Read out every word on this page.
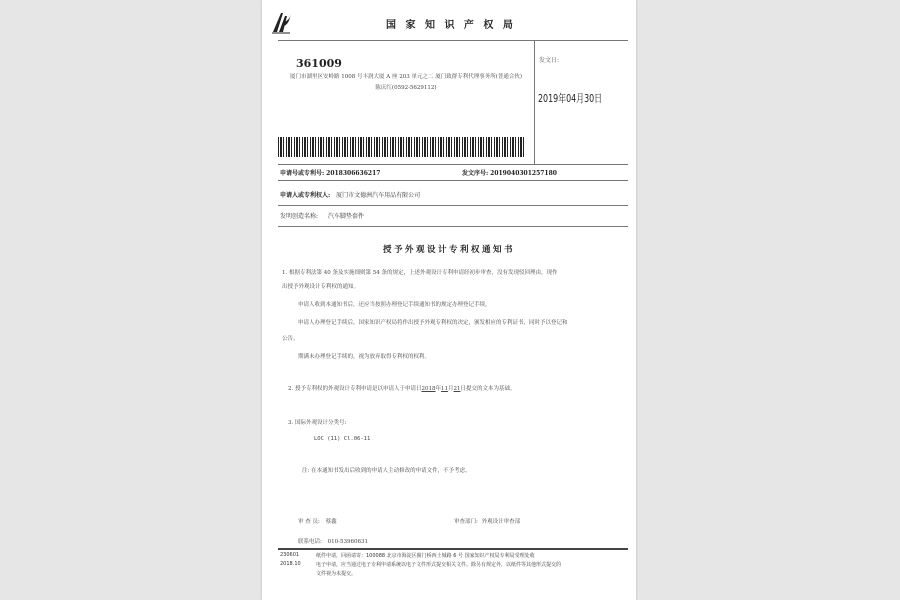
国 家 知 识 产 权 局
361009
厦门市湖里区安岭路 1008 号丰润大厦 A 座 203 单元之二 厦门致群专利代理事务所(普通合伙)
陈庆红(0592-5629112)
发文日:
2019年04月30日
申请号或专利号: 2018306636217	发文序号: 2019040301257180
申请人或专利权人: 厦门市文德洲汽车用品有限公司
发明创造名称: 汽车脚垫套件
授予外观设计专利权通知书
1. 根据专利法第 40 条及实施细则第 54 条的规定，上述外观设计专利申请经初步审查，没有发现驳回理由，现作
出授予外观设计专利权的通知。
申请人收到本通知书后，还应当按照办理登记手续通知书的规定办理登记手续。
申请人办理登记手续后，国家知识产权局将作出授予外观专利权的决定，颁发相应的专利证书，同时予以登记和
公告。
期满未办理登记手续的，视为放弃取得专利权的权利。
2. 授予专利权的外观设计专利申请是以申请人于申请日2018年11月21日提交的文本为基础。
3. 国际外观设计分类号:
LOC (11) Cl.06-11
注: 在本通知书发出后收到的申请人主动修改的申请文件，不予考虑。
审 查 员: 蔡鑫	审查部门: 外观设计审查部
联系电话: 010-53960631
230601
2018.10
纸件申请，回函请寄：100088 北京市海淀区蓟门桥西土城路 6 号 国家知识产权局专利局受理处收
电子申请，应当通过电子专利申请系统以电子文件形式提交相关文件。除另有规定外，以纸件等其他形式提交的
文件视为未提交。
